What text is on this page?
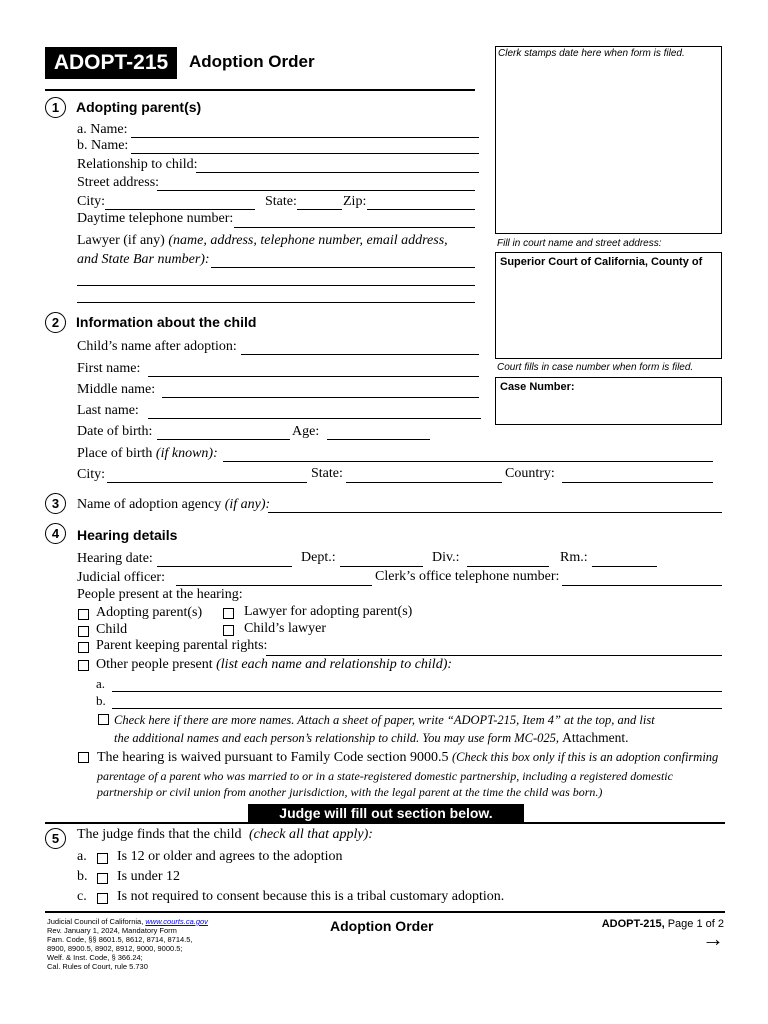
ADOPT-215	Adoption Order	Clerk stamps date here when form is filed.
Fill in court name and street address:
Superior Court of California, County of
Court fills in case number when form is filed.
Case Number:
1	Adopting parent(s)
a. Name:
b. Name:
Relationship to child:
Street address:
City:	State:	Zip:
Daytime telephone number:
Lawyer (if any) (name, address, telephone number, email address,
and State Bar number):
2	Information about the child
Child’s name after adoption:
First name:
Middle name:
Last name:
Date of birth:	Age:
Place of birth (if known):
City:	State:	Country:
3	Name of adoption agency (if any):
4	Hearing details
Hearing date:	Dept.:	Div.:	Rm.:
Judicial officer:	Clerk’s office telephone number:
People present at the hearing:
Adopting parent(s)	Lawyer for adopting parent(s)
Child	Child’s lawyer
Parent keeping parental rights:
Other people present (list each name and relationship to child):
a.
b.
Check here if there are more names. Attach a sheet of paper, write “ADOPT-215, Item 4” at the top, and list
the additional names and each person’s relationship to child. You may use form MC-025, Attachment.
The hearing is waived pursuant to Family Code section 9000.5 (Check this box only if this is an adoption confirming
parentage of a parent who was married to or in a state-registered domestic partnership, including a registered domestic
partnership or civil union from another jurisdiction, with the legal parent at the time the child was born.)
Judge will fill out section below.
5	The judge finds that the child (check all that apply):
a. Is 12 or older and agrees to the adoption
b. Is under 12
c. Is not required to consent because this is a tribal customary adoption.
Judicial Council of California, www.courts.ca.gov
Rev. January 1, 2024, Mandatory Form
Fam. Code, §§ 8601.5, 8612, 8714, 8714.5,
8900, 8900.5, 8902, 8912, 9000, 9000.5;
Welf. & Inst. Code, § 366.24;
Cal. Rules of Court, rule 5.730
Adoption Order	ADOPT-215, Page 1 of 2
→
